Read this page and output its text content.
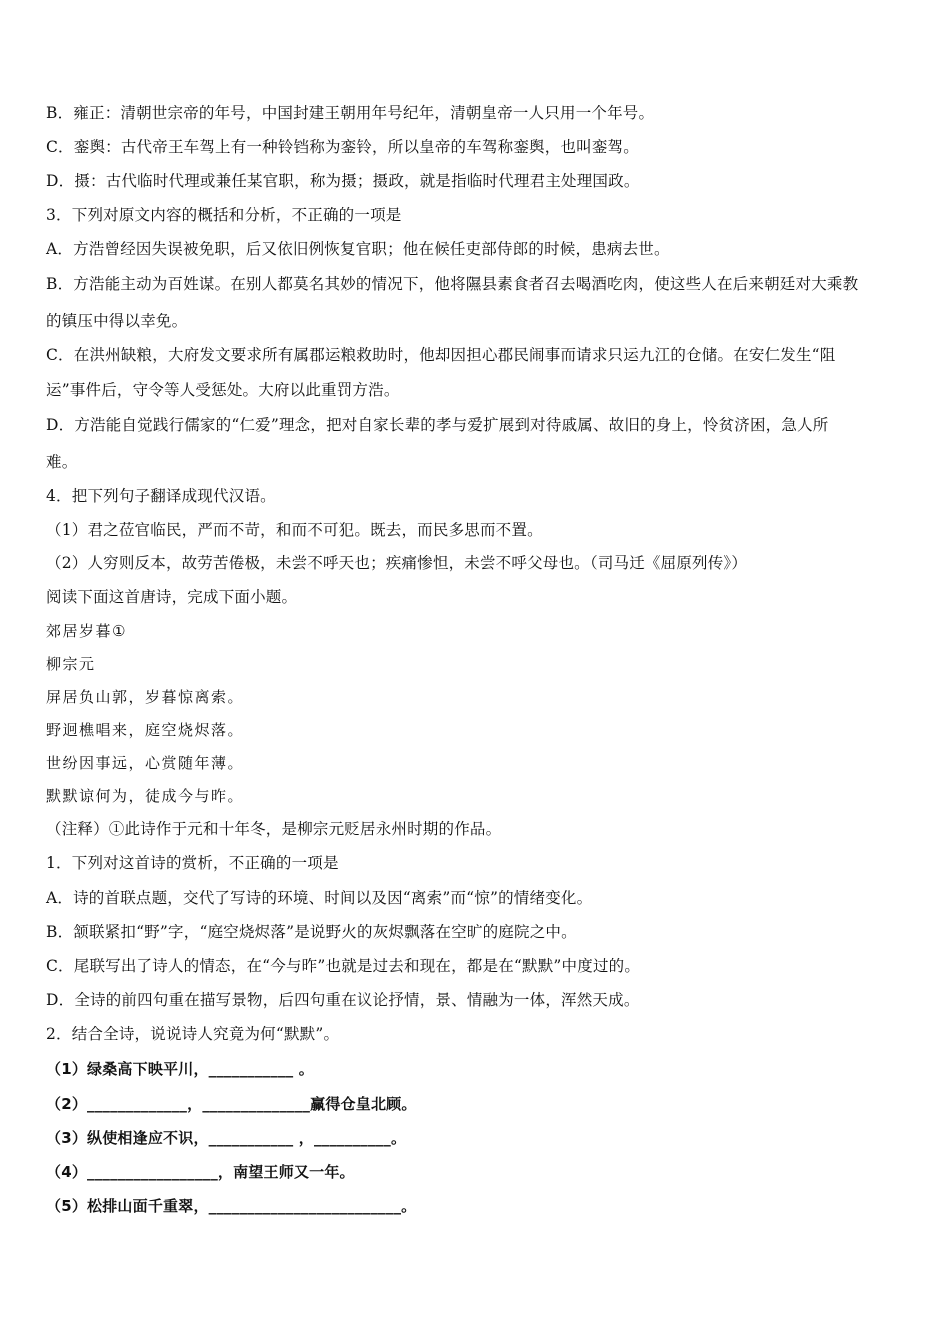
B．雍正：清朝世宗帝的年号，中国封建王朝用年号纪年，清朝皇帝一人只用一个年号。
C．銮舆：古代帝王车驾上有一种铃铛称为銮铃，所以皇帝的车驾称銮舆，也叫銮驾。
D．摄：古代临时代理或兼任某官职，称为摄；摄政，就是指临时代理君主处理国政。
3．下列对原文内容的概括和分析，不正确的一项是
A．方浩曾经因失误被免职，后又依旧例恢复官职；他在候任吏部侍郎的时候，患病去世。
B．方浩能主动为百姓谋。在别人都莫名其妙的情况下，他将隰县素食者召去喝酒吃肉，使这些人在后来朝廷对大乘教
的镇压中得以幸免。
C．在洪州缺粮，大府发文要求所有属郡运粮救助时，他却因担心郡民闹事而请求只运九江的仓储。在安仁发生“阻
运”事件后，守令等人受惩处。大府以此重罚方浩。
D．方浩能自觉践行儒家的“仁爱”理念，把对自家长辈的孝与爱扩展到对待戚属、故旧的身上，怜贫济困，急人所
难。
4．把下列句子翻译成现代汉语。
（1）君之莅官临民，严而不苛，和而不可犯。既去，而民多思而不置。
（2）人穷则反本，故劳苦倦极，未尝不呼天也；疾痛惨怛，未尝不呼父母也。（司马迁《屈原列传》）
阅读下面这首唐诗，完成下面小题。
郊居岁暮①
柳宗元
屏居负山郭，岁暮惊离索。
野迥樵唱来，庭空烧烬落。
世纷因事远，心赏随年薄。
默默谅何为，徒成今与昨。
（注释）①此诗作于元和十年冬，是柳宗元贬居永州时期的作品。
1．下列对这首诗的赏析，不正确的一项是
A．诗的首联点题，交代了写诗的环境、时间以及因“离索”而“惊”的情绪变化。
B．颔联紧扣“野”字，“庭空烧烬落”是说野火的灰烬飘落在空旷的庭院之中。
C．尾联写出了诗人的情态，在“今与昨”也就是过去和现在，都是在“默默”中度过的。
D．全诗的前四句重在描写景物，后四句重在议论抒情，景、情融为一体，浑然天成。
2．结合全诗，说说诗人究竟为何“默默”。
（1）绿桑高下映平川，___________ 。
（2）_____________，______________赢得仓皇北顾。
（3）纵使相逢应不识，___________ ，__________。
（4）_________________，南望王师又一年。
（5）松排山面千重翠，_________________________。
